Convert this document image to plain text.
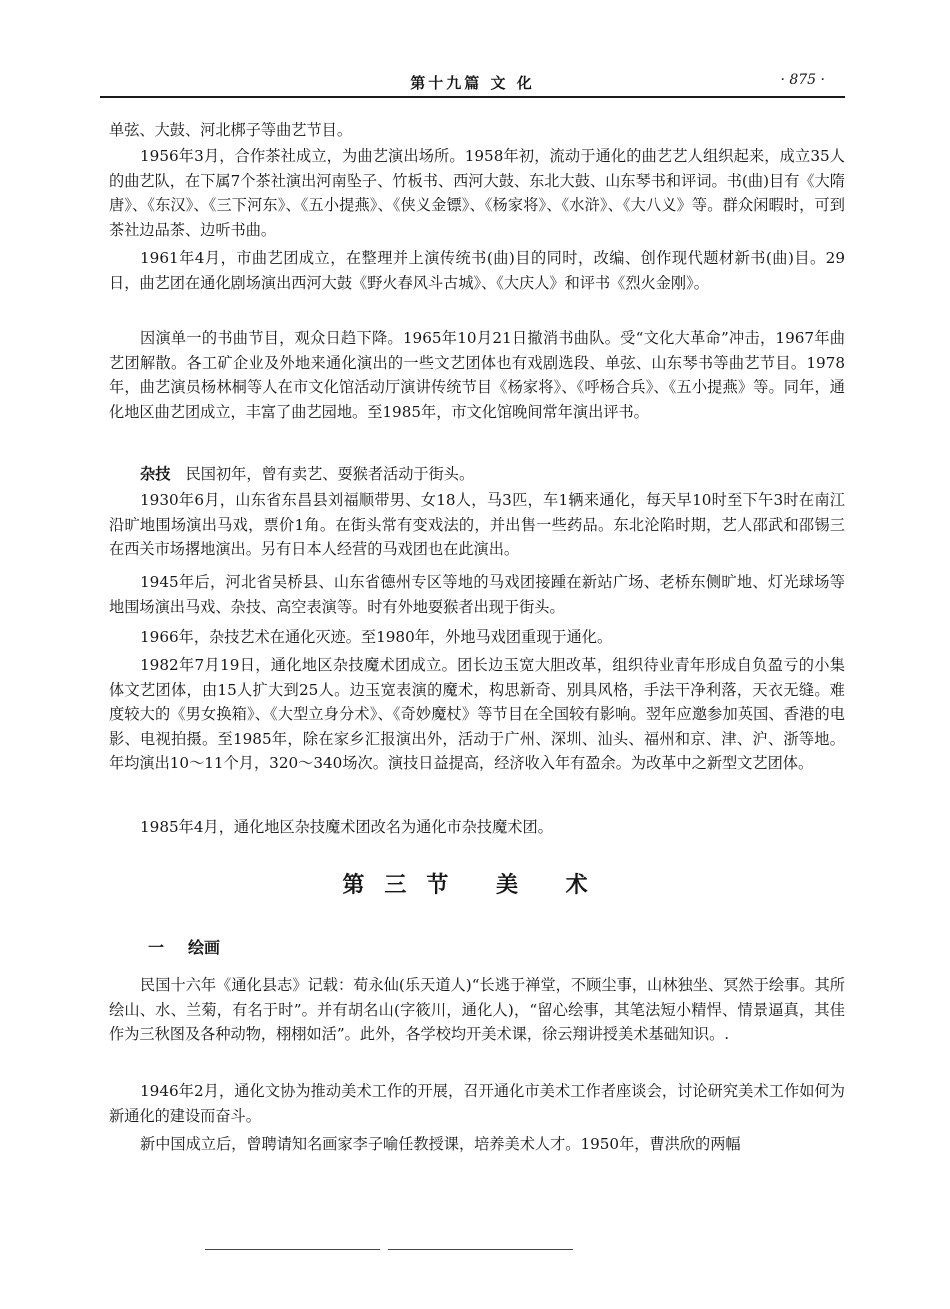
第十九篇 文 化	· 875 ·

单弦、大鼓、河北梆子等曲艺节目。

1956年3月，合作茶社成立，为曲艺演出场所。1958年初，流动于通化的曲艺艺人组织起来，成立35人的曲艺队，在下属7个茶社演出河南坠子、竹板书、西河大鼓、东北大鼓、山东琴书和评词。书(曲)目有《大隋唐》、《东汉》、《三下河东》、《五小提燕》、《侠义金镖》、《杨家将》、《水浒》、《大八义》等。群众闲暇时，可到茶社边品茶、边听书曲。

1961年4月，市曲艺团成立，在整理并上演传统书(曲)目的同时，改编、创作现代题材新书(曲)目。29日，曲艺团在通化剧场演出西河大鼓《野火春风斗古城》、《大庆人》和评书《烈火金刚》。

因演单一的书曲节目，观众日趋下降。1965年10月21日撤消书曲队。受“文化大革命”冲击，1967年曲艺团解散。各工矿企业及外地来通化演出的一些文艺团体也有戏剧选段、单弦、山东琴书等曲艺节目。1978年，曲艺演员杨林桐等人在市文化馆活动厅演讲传统节目《杨家将》、《呼杨合兵》、《五小提燕》等。同年，通化地区曲艺团成立，丰富了曲艺园地。至1985年，市文化馆晚间常年演出评书。

杂技　 民国初年，曾有卖艺、耍猴者活动于街头。

1930年6月，山东省东昌县刘福顺带男、女18人，马3匹，车1辆来通化，每天早10时至下午3时在南江沿旷地围场演出马戏，票价1角。在街头常有变戏法的，并出售一些药品。东北沦陷时期，艺人邵武和邵锡三在西关市场撂地演出。另有日本人经营的马戏团也在此演出。

1945年后，河北省吴桥县、山东省德州专区等地的马戏团接踵在新站广场、老桥东侧旷地、灯光球场等地围场演出马戏、杂技、高空表演等。时有外地耍猴者出现于街头。

1966年，杂技艺术在通化灭迹。至1980年，外地马戏团重现于通化。

1982年7月19日，通化地区杂技魔术团成立。团长边玉宽大胆改革，组织待业青年形成自负盈亏的小集体文艺团体，由15人扩大到25人。边玉宽表演的魔术，构思新奇、别具风格，手法干净利落，天衣无缝。难度较大的《男女换箱》、《大型立身分术》、《奇妙魔杖》等节目在全国较有影响。翌年应邀参加英国、香港的电影、电视拍摄。至1985年，除在家乡汇报演出外，活动于广州、深圳、汕头、福州和京、津、沪、浙等地。年均演出10～11个月，320～340场次。演技日益提高，经济收入年有盈余。为改革中之新型文艺团体。

1985年4月，通化地区杂技魔术团改名为通化市杂技魔术团。

第三节 美 术
一 绘画

民国十六年《通化县志》记载：荀永仙(乐天道人)“长逃于禅堂，不顾尘事，山林独坐、冥然于绘事。其所绘山、水、兰菊，有名于时”。并有胡名山(字筱川，通化人)，“留心绘事，其笔法短小精悍、情景逼真，其佳作为三秋图及各种动物，栩栩如活”。此外，各学校均开美术课，徐云翔讲授美术基础知识。.

1946年2月，通化文协为推动美术工作的开展，召开通化市美术工作者座谈会，讨论研究美术工作如何为新通化的建设而奋斗。

新中国成立后，曾聘请知名画家李子喻任教授课，培养美术人才。1950年，曹洪欣的两幅
